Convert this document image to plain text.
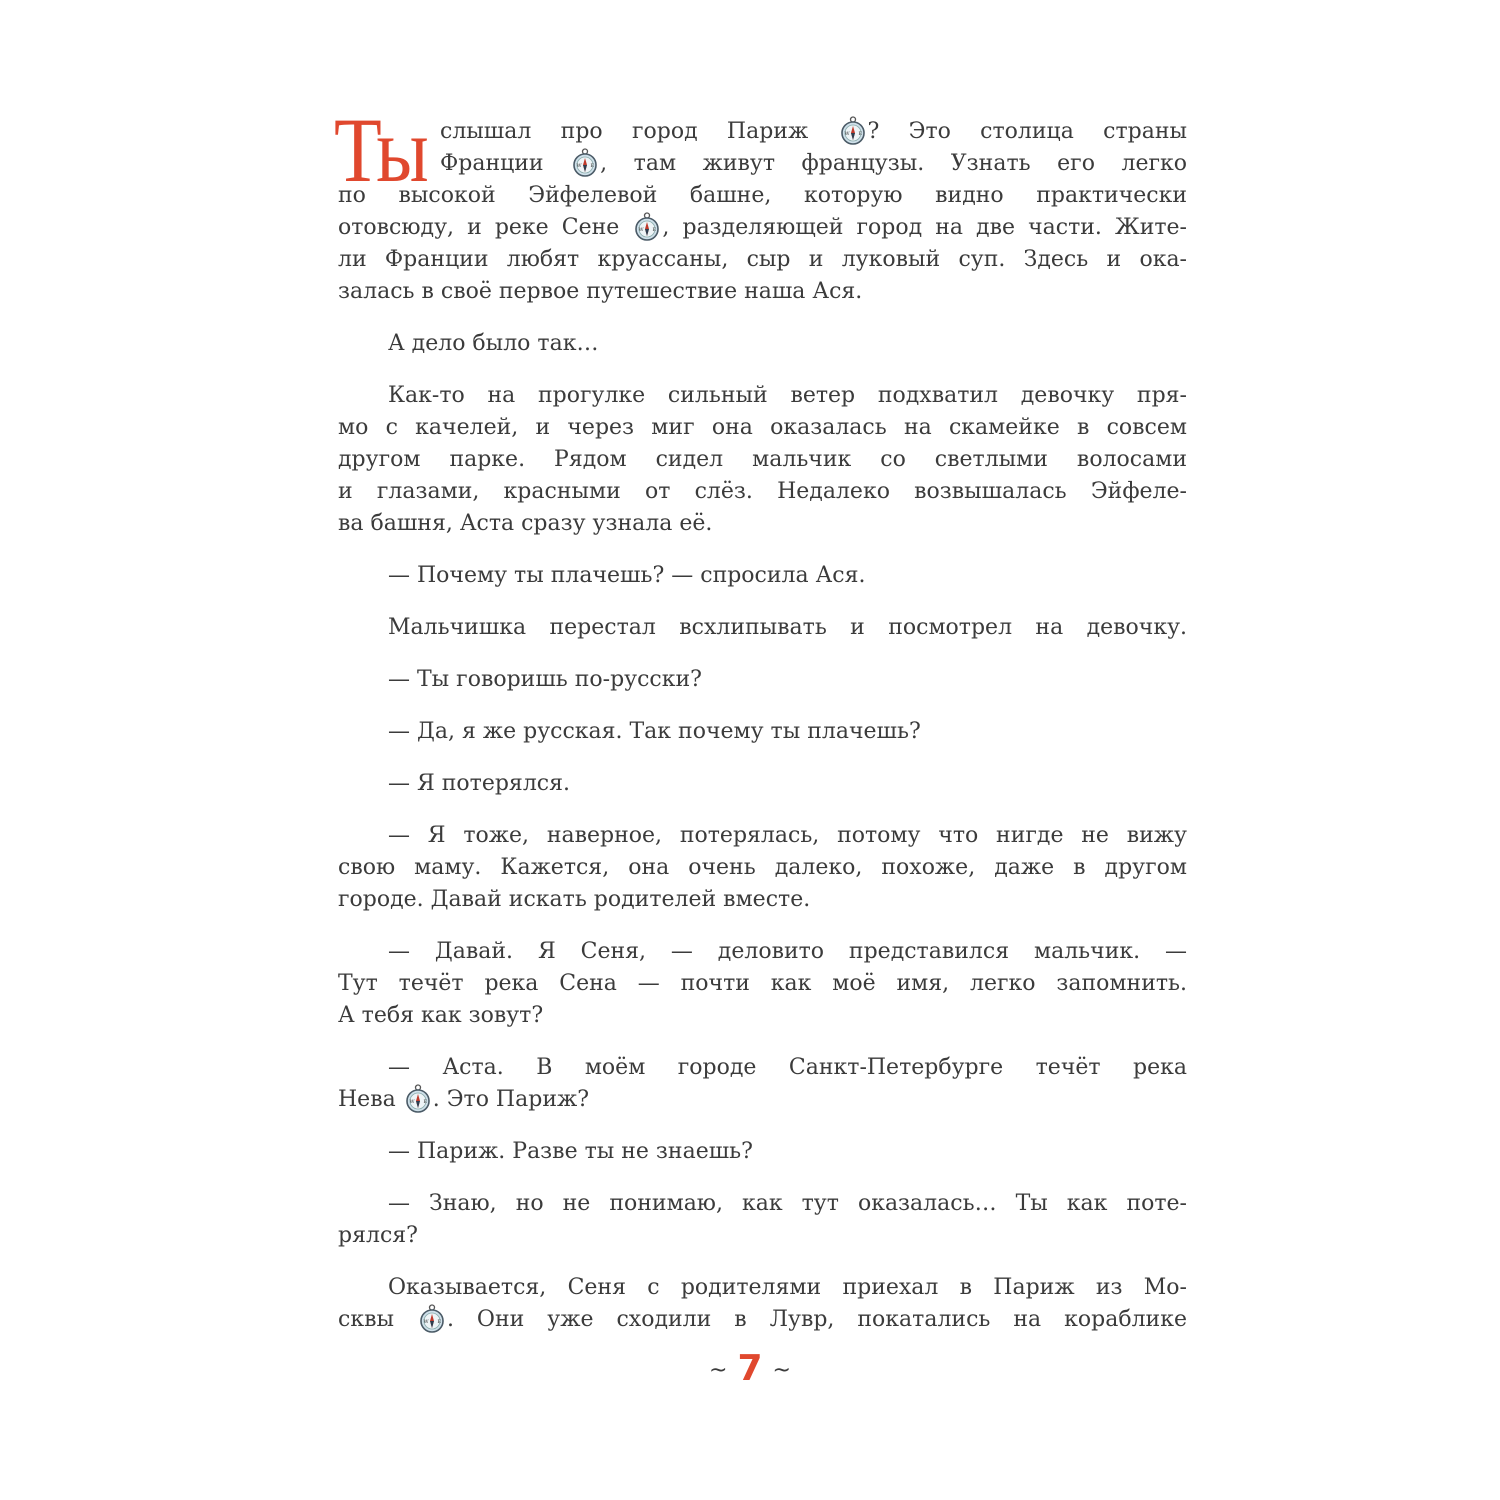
Ты слышал про город Париж W E ? Это столица страны
Франции W E , там живут французы. Узнать его легко
по высокой Эйфелевой башне, которую видно практически
отовсюду, и реке Сене W E , разделяющей город на две части. Жите-
ли Франции любят круассаны, сыр и луковый суп. Здесь и ока-
залась в своё первое путешествие наша Ася.
А дело было так…
Как-то на прогулке сильный ветер подхватил девочку пря-
мо с качелей, и через миг она оказалась на скамейке в совсем
другом парке. Рядом сидел мальчик со светлыми волосами
и глазами, красными от слёз. Недалеко возвышалась Эйфеле-
ва башня, Аста сразу узнала её.
— Почему ты плачешь? — спросила Ася.
Мальчишка перестал всхлипывать и посмотрел на девочку.
— Ты говоришь по-русски?
— Да, я же русская. Так почему ты плачешь?
— Я потерялся.
— Я тоже, наверное, потерялась, потому что нигде не вижу
свою маму. Кажется, она очень далеко, похоже, даже в другом
городе. Давай искать родителей вместе.
— Давай. Я Сеня, — деловито представился мальчик. —
Тут течёт река Сена — почти как моё имя, легко запомнить.
А тебя как зовут?
— Аста. В моём городе Санкт-Петербурге течёт река
Нева W E . Это Париж?
— Париж. Разве ты не знаешь?
— Знаю, но не понимаю, как тут оказалась… Ты как поте-
рялся?
Оказывается, Сеня с родителями приехал в Париж из Мо-
сквы W E . Они уже сходили в Лувр, покатались на кораблике
~ 7 ~
